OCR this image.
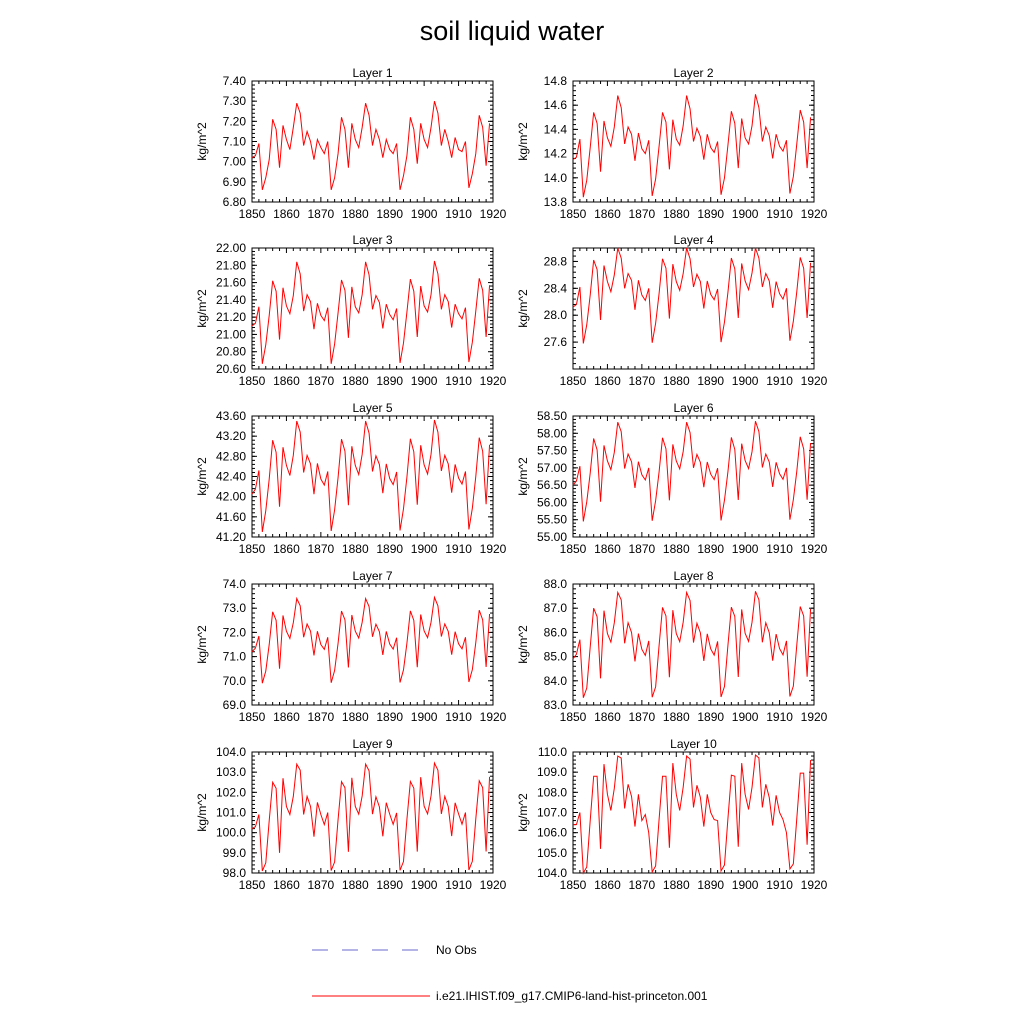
soil liquid water
Layer 1
kg/m^2
1850 1860 1870 1880 1890 1900 1910 1920
6.80
6.90
7.00
7.10
7.20
7.30
7.40
Layer 2
kg/m^2
1850 1860 1870 1880 1890 1900 1910 1920
13.8
14.0
14.2
14.4
14.6
14.8
Layer 3
kg/m^2
1850 1860 1870 1880 1890 1900 1910 1920
20.60
20.80
21.00
21.20
21.40
21.60
21.80
22.00
Layer 4
kg/m^2
1850 1860 1870 1880 1890 1900 1910 1920
27.6
28.0
28.4
28.8
Layer 5
kg/m^2
1850 1860 1870 1880 1890 1900 1910 1920
41.20
41.60
42.00
42.40
42.80
43.20
43.60
Layer 6
kg/m^2
1850 1860 1870 1880 1890 1900 1910 1920
55.00
55.50
56.00
56.50
57.00
57.50
58.00
58.50
Layer 7
kg/m^2
1850 1860 1870 1880 1890 1900 1910 1920
69.0
70.0
71.0
72.0
73.0
74.0
Layer 8
kg/m^2
1850 1860 1870 1880 1890 1900 1910 1920
83.0
84.0
85.0
86.0
87.0
88.0
Layer 9
kg/m^2
1850 1860 1870 1880 1890 1900 1910 1920
98.0
99.0
100.0
101.0
102.0
103.0
104.0
Layer 10
kg/m^2
1850 1860 1870 1880 1890 1900 1910 1920
104.0
105.0
106.0
107.0
108.0
109.0
110.0
No Obs
i.e21.IHIST.f09_g17.CMIP6-land-hist-princeton.001
